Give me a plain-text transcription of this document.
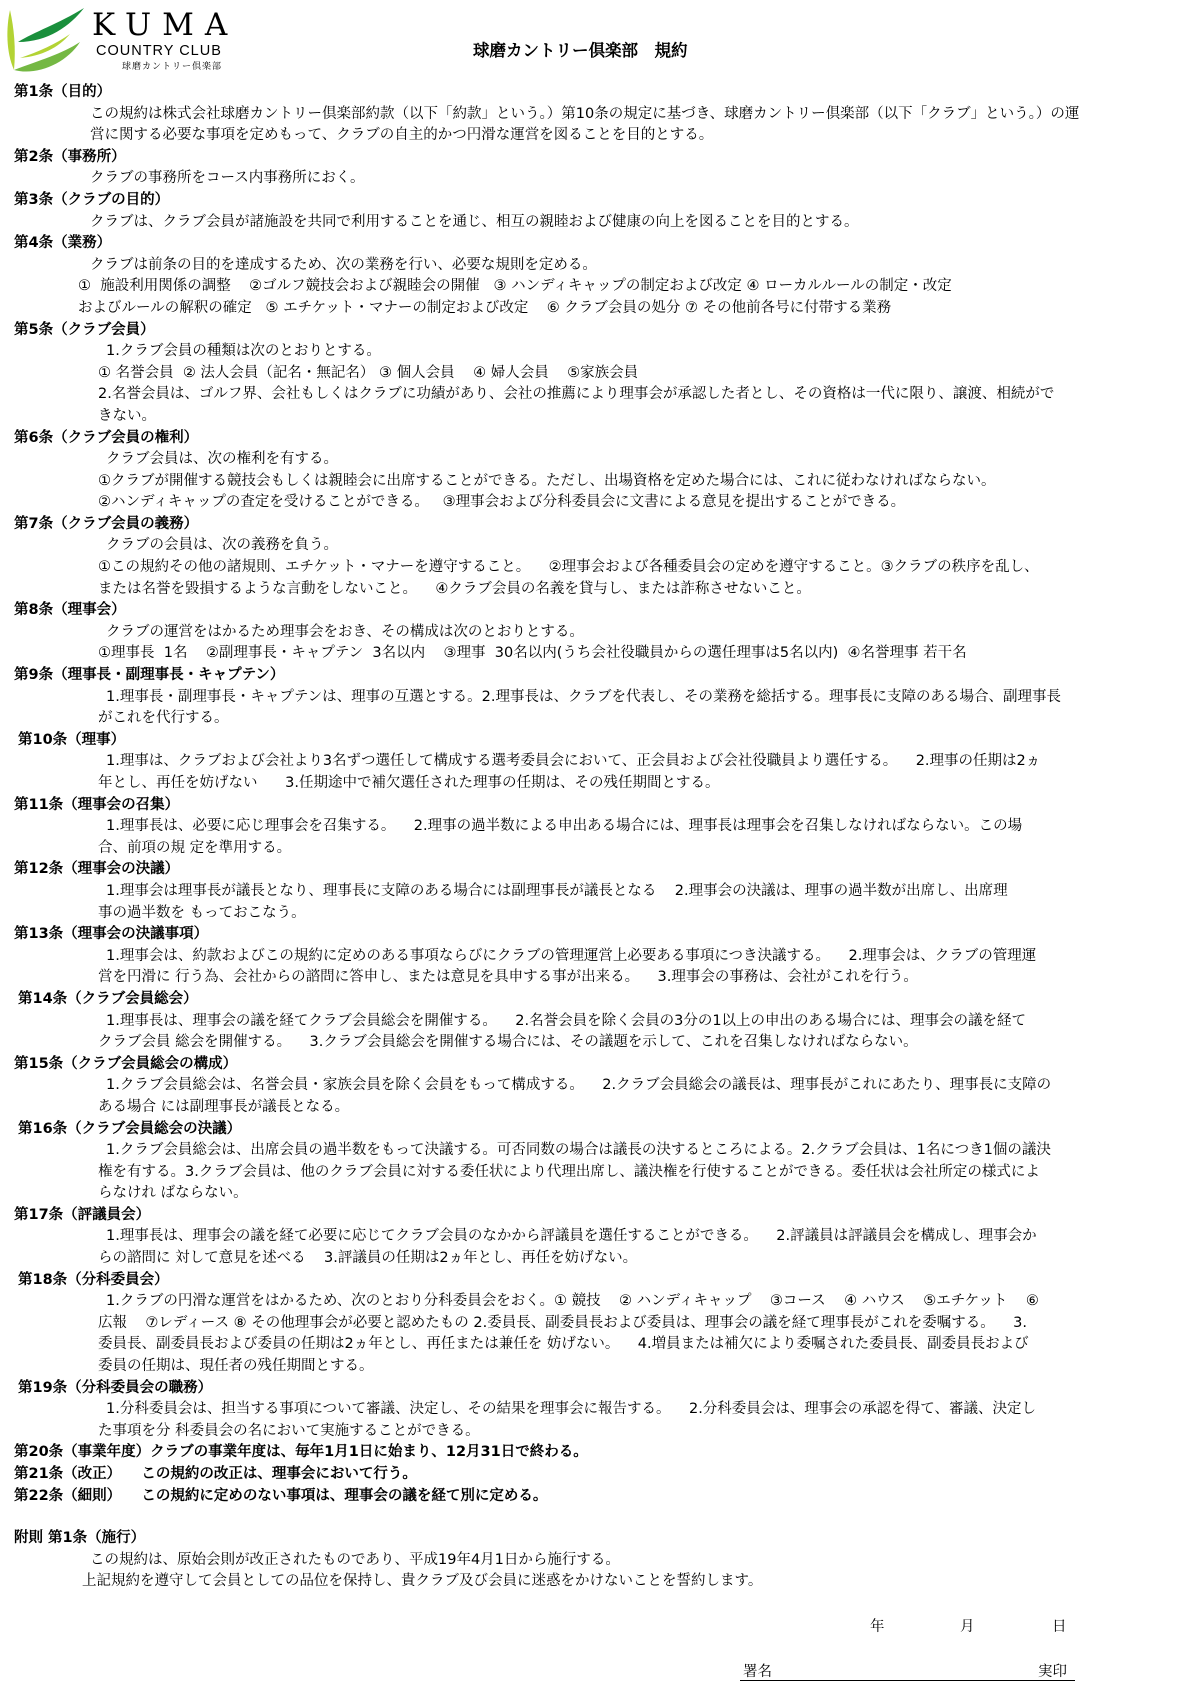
KUMA
COUNTRY CLUB
球磨カントリー倶楽部
球磨カントリー倶楽部　規約
第1条（目的）
この規約は株式会社球磨カントリー倶楽部約款（以下「約款」という。）第10条の規定に基づき、球磨カントリー倶楽部（以下「クラブ」という。）の運
営に関する必要な事項を定めもって、クラブの自主的かつ円滑な運営を図ることを目的とする。
第2条（事務所）
クラブの事務所をコース内事務所におく。
第3条（クラブの目的）
クラブは、クラブ会員が諸施設を共同で利用することを通じ、相互の親睦および健康の向上を図ることを目的とする。
第4条（業務）
クラブは前条の目的を達成するため、次の業務を行い、必要な規則を定める。
①  施設利用関係の調整    ②ゴルフ競技会および親睦会の開催   ③ ハンディキャップの制定および改定 ④ ローカルルールの制定・改定
およびルールの解釈の確定   ⑤ エチケット・マナーの制定および改定    ⑥ クラブ会員の処分 ⑦ その他前各号に付帯する業務
第5条（クラブ会員）
1.クラブ会員の種類は次のとおりとする。
① 名誉会員  ② 法人会員（記名・無記名） ③ 個人会員    ④ 婦人会員    ⑤家族会員
2.名誉会員は、ゴルフ界、会社もしくはクラブに功績があり、会社の推薦により理事会が承認した者とし、その資格は一代に限り、譲渡、相続がで
きない。
第6条（クラブ会員の権利）
クラブ会員は、次の権利を有する。
①クラブが開催する競技会もしくは親睦会に出席することができる。ただし、出場資格を定めた場合には、これに従わなければならない。
②ハンディキャップの査定を受けることができる。   ③理事会および分科委員会に文書による意見を提出することができる。
第7条（クラブ会員の義務）
クラブの会員は、次の義務を負う。
①この規約その他の諸規則、エチケット・マナーを遵守すること。    ②理事会および各種委員会の定めを遵守すること。③クラブの秩序を乱し、
または名誉を毀損するような言動をしないこと。    ④クラブ会員の名義を貸与し、または詐称させないこと。
第8条（理事会）
クラブの運営をはかるため理事会をおき、その構成は次のとおりとする。
①理事長  1名    ②副理事長・キャプテン  3名以内    ③理事  30名以内(うち会社役職員からの選任理事は5名以内)  ④名誉理事 若干名
第9条（理事長・副理事長・キャプテン）
1.理事長・副理事長・キャプテンは、理事の互選とする。2.理事長は、クラブを代表し、その業務を総括する。理事長に支障のある場合、副理事長
がこれを代行する。
第10条（理事）
1.理事は、クラブおよび会社より3名ずつ選任して構成する選考委員会において、正会員および会社役職員より選任する。    2.理事の任期は2ヵ
年とし、再任を妨げない      3.任期途中で補欠選任された理事の任期は、その残任期間とする。
第11条（理事会の召集）
1.理事長は、必要に応じ理事会を召集する。    2.理事の過半数による申出ある場合には、理事長は理事会を召集しなければならない。この場
合、前項の規 定を準用する。
第12条（理事会の決議）
1.理事会は理事長が議長となり、理事長に支障のある場合には副理事長が議長となる    2.理事会の決議は、理事の過半数が出席し、出席理
事の過半数を もっておこなう。
第13条（理事会の決議事項）
1.理事会は、約款およびこの規約に定めのある事項ならびにクラブの管理運営上必要ある事項につき決議する。    2.理事会は、クラブの管理運
営を円滑に 行う為、会社からの諮問に答申し、または意見を具申する事が出来る。    3.理事会の事務は、会社がこれを行う。
第14条（クラブ会員総会）
1.理事長は、理事会の議を経てクラブ会員総会を開催する。    2.名誉会員を除く会員の3分の1以上の申出のある場合には、理事会の議を経て
クラブ会員 総会を開催する。    3.クラブ会員総会を開催する場合には、その議題を示して、これを召集しなければならない。
第15条（クラブ会員総会の構成）
1.クラブ会員総会は、名誉会員・家族会員を除く会員をもって構成する。    2.クラブ会員総会の議長は、理事長がこれにあたり、理事長に支障の
ある場合 には副理事長が議長となる。
第16条（クラブ会員総会の決議）
1.クラブ会員総会は、出席会員の過半数をもって決議する。可否同数の場合は議長の決するところによる。2.クラブ会員は、1名につき1個の議決
権を有する。3.クラブ会員は、他のクラブ会員に対する委任状により代理出席し、議決権を行使することができる。委任状は会社所定の様式によ
らなけれ ばならない。
第17条（評議員会）
1.理事長は、理事会の議を経て必要に応じてクラブ会員のなかから評議員を選任することができる。    2.評議員は評議員会を構成し、理事会か
らの諮問に 対して意見を述べる    3.評議員の任期は2ヵ年とし、再任を妨げない。
第18条（分科委員会）
1.クラブの円滑な運営をはかるため、次のとおり分科委員会をおく。① 競技    ② ハンディキャップ    ③コース    ④ ハウス    ⑤エチケット    ⑥
広報    ⑦レディース ⑧ その他理事会が必要と認めたもの 2.委員長、副委員長および委員は、理事会の議を経て理事長がこれを委嘱する。    3.
委員長、副委員長および委員の任期は2ヵ年とし、再任または兼任を 妨げない。    4.増員または補欠により委嘱された委員長、副委員長および
委員の任期は、現任者の残任期間とする。
第19条（分科委員会の職務）
1.分科委員会は、担当する事項について審議、決定し、その結果を理事会に報告する。    2.分科委員会は、理事会の承認を得て、審議、決定し
た事項を分 科委員会の名において実施することができる。
第20条（事業年度）クラブの事業年度は、毎年1月1日に始まり、12月31日で終わる。
第21条（改正）    この規約の改正は、理事会において行う。
第22条（細則）    この規約に定めのない事項は、理事会の議を経て別に定める。
附則 第1条（施行）
この規約は、原始会則が改正されたものであり、平成19年4月1日から施行する。
上記規約を遵守して会員としての品位を保持し、貴クラブ及び会員に迷惑をかけないことを誓約します。
年	月	日
署名	実印
